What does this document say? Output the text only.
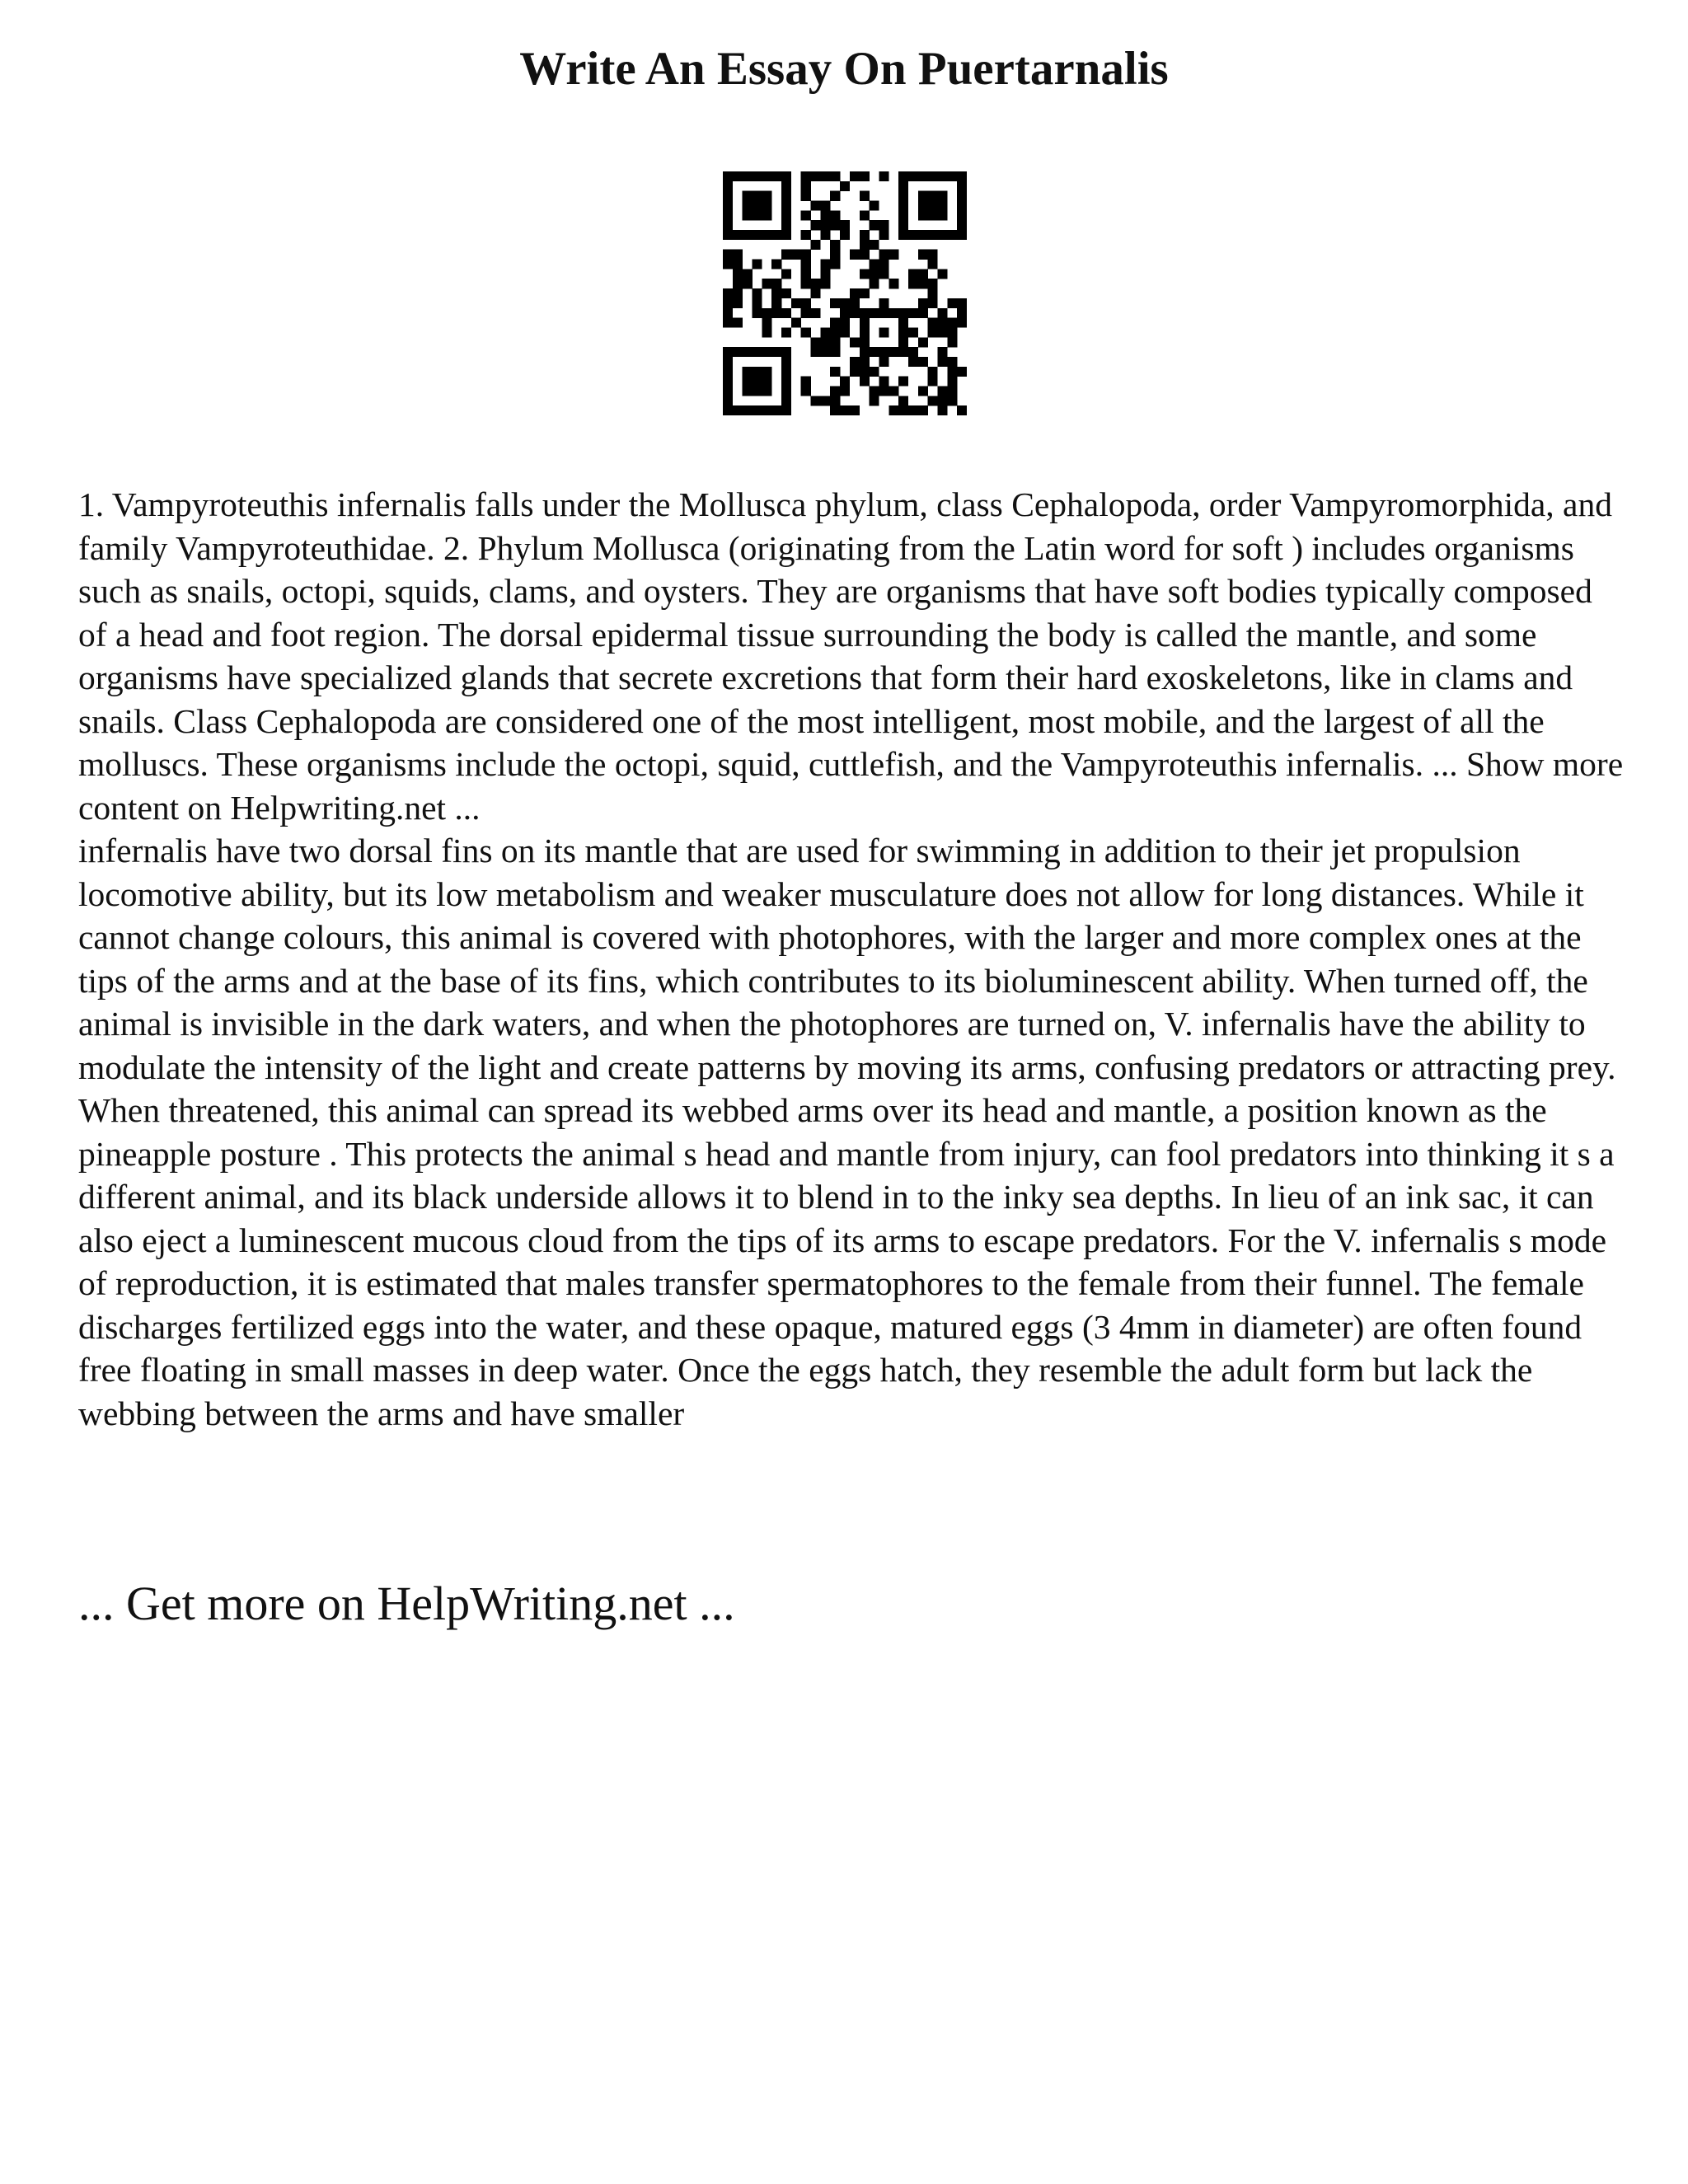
Write An Essay On Puertarnalis

1. Vampyroteuthis infernalis falls under the Mollusca phylum, class Cephalopoda, order Vampyromorphida, and family Vampyroteuthidae. 2. Phylum Mollusca (originating from the Latin word for soft ) includes organisms such as snails, octopi, squids, clams, and oysters. They are organisms that have soft bodies typically composed of a head and foot region. The dorsal epidermal tissue surrounding the body is called the mantle, and some organisms have specialized glands that secrete excretions that form their hard exoskeletons, like in clams and snails. Class Cephalopoda are considered one of the most intelligent, most mobile, and the largest of all the molluscs. These organisms include the octopi, squid, cuttlefish, and the Vampyroteuthis infernalis. ... Show more content on Helpwriting.net ...

infernalis have two dorsal fins on its mantle that are used for swimming in addition to their jet propulsion locomotive ability, but its low metabolism and weaker musculature does not allow for long distances. While it cannot change colours, this animal is covered with photophores, with the larger and more complex ones at the tips of the arms and at the base of its fins, which contributes to its bioluminescent ability. When turned off, the animal is invisible in the dark waters, and when the photophores are turned on, V. infernalis have the ability to modulate the intensity of the light and create patterns by moving its arms, confusing predators or attracting prey. When threatened, this animal can spread its webbed arms over its head and mantle, a position known as the pineapple posture . This protects the animal s head and mantle from injury, can fool predators into thinking it s a different animal, and its black underside allows it to blend in to the inky sea depths. In lieu of an ink sac, it can also eject a luminescent mucous cloud from the tips of its arms to escape predators. For the V. infernalis s mode of reproduction, it is estimated that males transfer spermatophores to the female from their funnel. The female discharges fertilized eggs into the water, and these opaque, matured eggs (3 4mm in diameter) are often found free floating in small masses in deep water. Once the eggs hatch, they resemble the adult form but lack the webbing between the arms and have smaller

... Get more on HelpWriting.net ...
